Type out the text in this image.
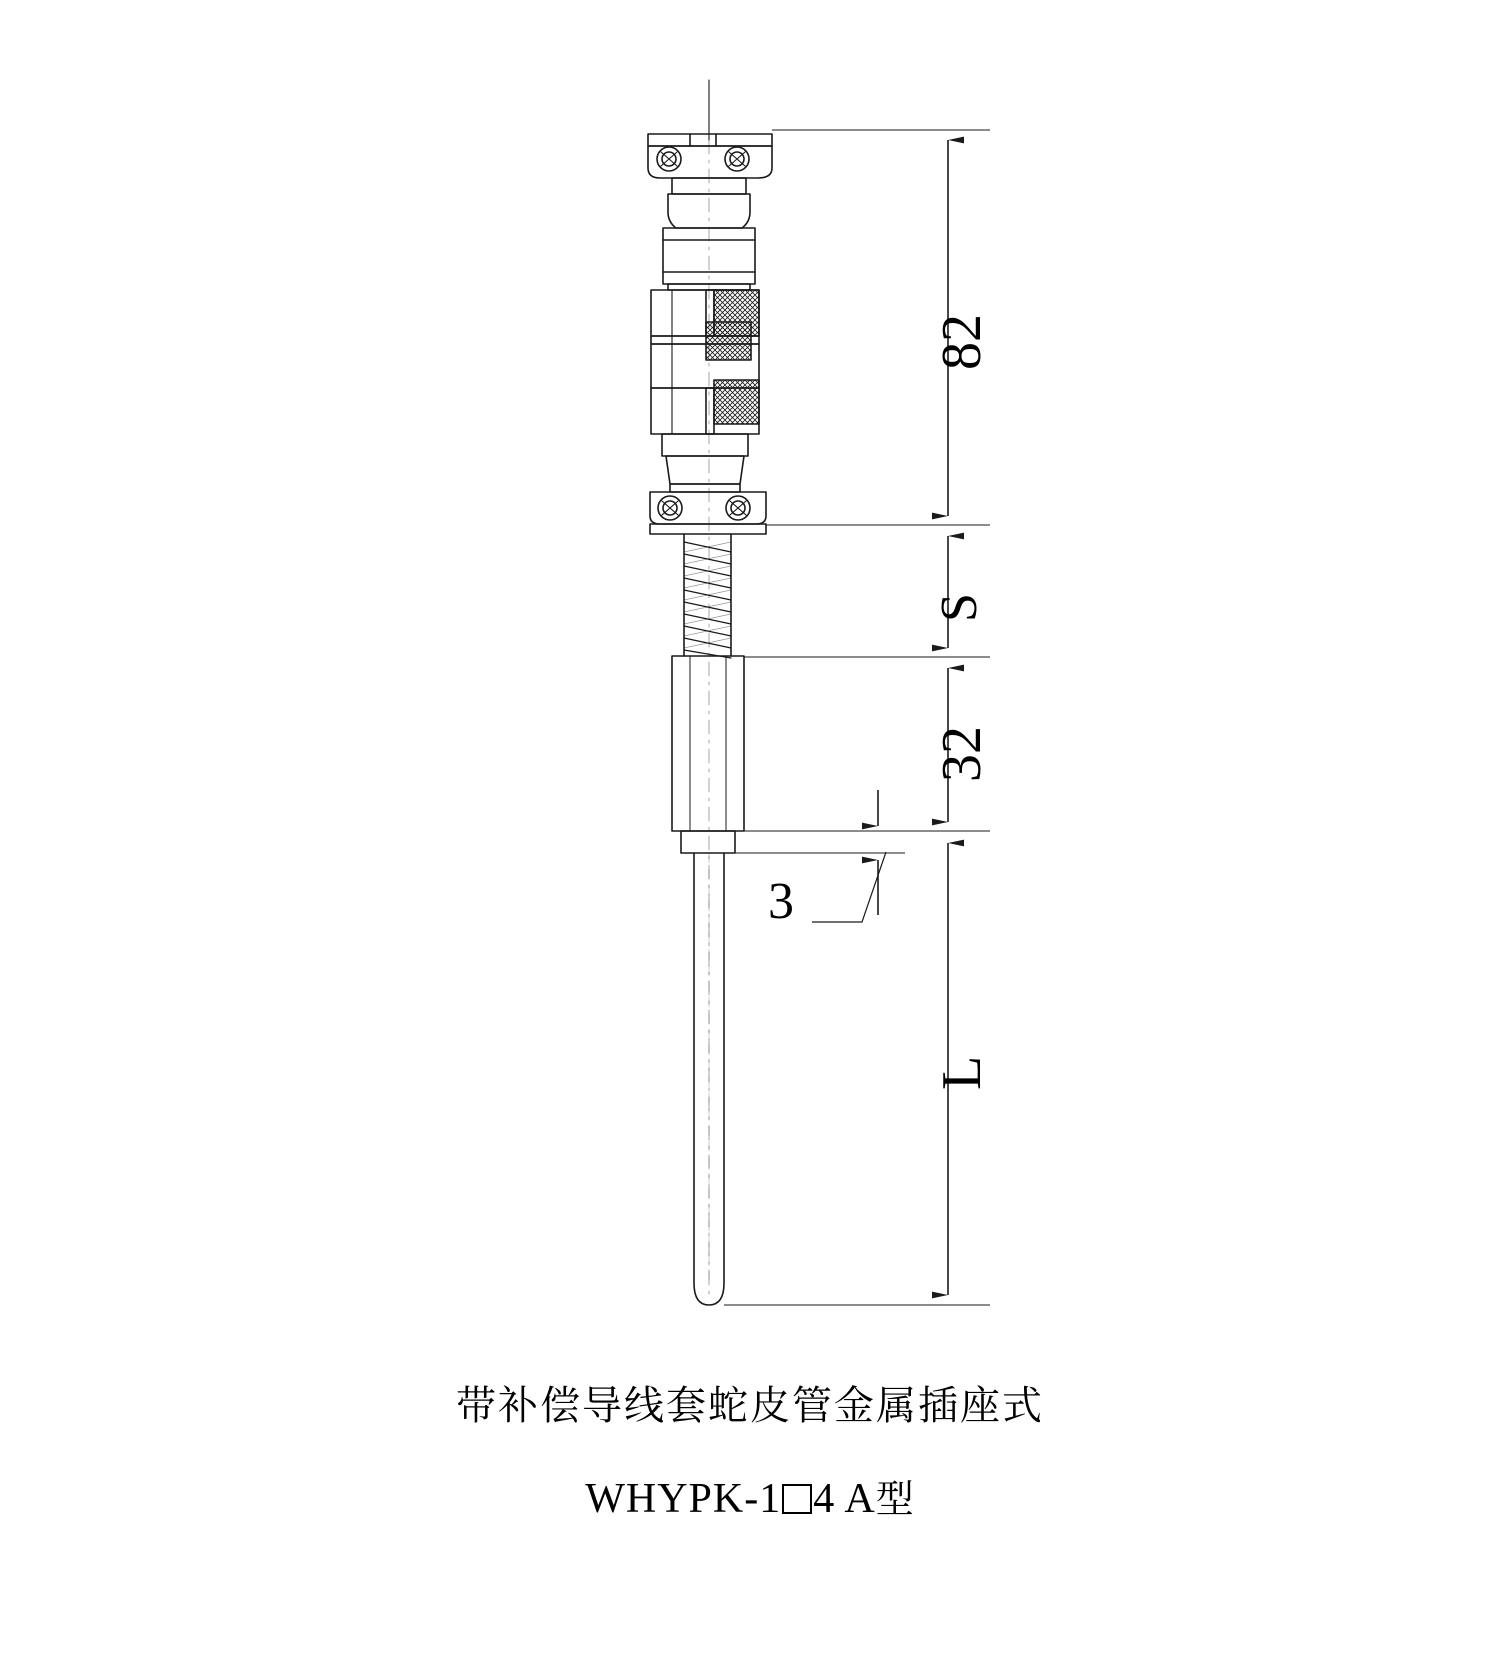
82
S
32
3
L
带补偿导线套蛇皮管金属插座式
WHYPK-1 4 A型
